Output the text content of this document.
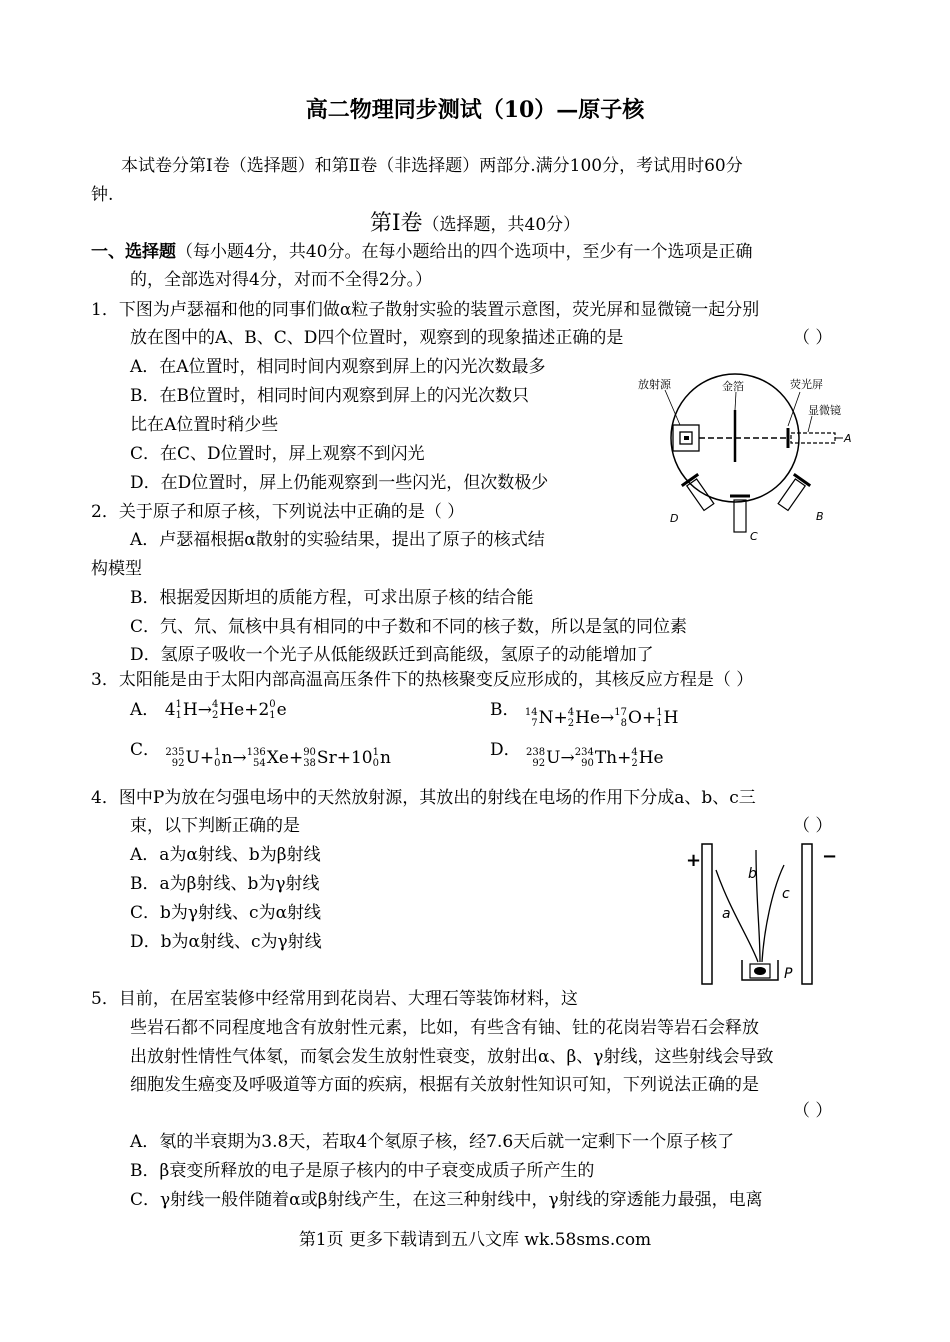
高二物理同步测试（10）—原子核
本试卷分第Ⅰ卷（选择题）和第Ⅱ卷（非选择题）两部分.满分100分，考试用时60分
钟.
第Ⅰ卷（选择题，共40分）
一、选择题（每小题4分，共40分。在每小题给出的四个选项中，至少有一个选项是正确
的，全部选对得4分，对而不全得2分。）
1．下图为卢瑟福和他的同事们做α粒子散射实验的装置示意图，荧光屏和显微镜一起分别
放在图中的A、B、C、D四个位置时，观察到的现象描述正确的是	（ ）
A．在A位置时，相同时间内观察到屏上的闪光次数最多
B．在B位置时，相同时间内观察到屏上的闪光次数只
比在A位置时稍少些
C．在C、D位置时，屏上观察不到闪光
D．在D位置时，屏上仍能观察到一些闪光，但次数极少
放射源	金箔	荧光屏
显微镜
A
B
C
D
2．关于原子和原子核，下列说法中正确的是（ ）
A．卢瑟福根据α散射的实验结果，提出了原子的核式结
构模型
B．根据爱因斯坦的质能方程，可求出原子核的结合能
C．氕、氘、氚核中具有相同的中子数和不同的核子数，所以是氢的同位素
D．氢原子吸收一个光子从低能级跃迁到高能级，氢原子的动能增加了
3．太阳能是由于太阳内部高温高压条件下的热核聚变反应形成的，其核反应方程是（ ）
A． 4 1
1 H → 4
2 He +2 0
1 e	B． 14
7 N + 4
2 He → 17
8 O + 1
1 H
C． 235
92 U + 1
0 n → 136
54 Xe + 90
38 Sr +10 1
0 n	D． 238
92 U → 234
90 Th + 4
2 He
4．图中P为放在匀强电场中的天然放射源，其放出的射线在电场的作用下分成a、b、c三
束，以下判断正确的是	（ ）
A．a为α射线、b为β射线
B．a为β射线、b为γ射线
C．b为γ射线、c为α射线
D．b为α射线、c为γ射线
+	−
a
b
c
P
5．目前，在居室装修中经常用到花岗岩、大理石等装饰材料，这
些岩石都不同程度地含有放射性元素，比如，有些含有铀、钍的花岗岩等岩石会释放
出放射性情性气体氡，而氡会发生放射性衰变，放射出α、β、γ射线，这些射线会导致
细胞发生癌变及呼吸道等方面的疾病，根据有关放射性知识可知，下列说法正确的是
（ ）
A．氡的半衰期为3.8天，若取4个氡原子核，经7.6天后就一定剩下一个原子核了
B．β衰变所释放的电子是原子核内的中子衰变成质子所产生的
C．γ射线一般伴随着α或β射线产生，在这三种射线中，γ射线的穿透能力最强，电离
第1页 更多下载请到五八文库 wk.58sms.com
